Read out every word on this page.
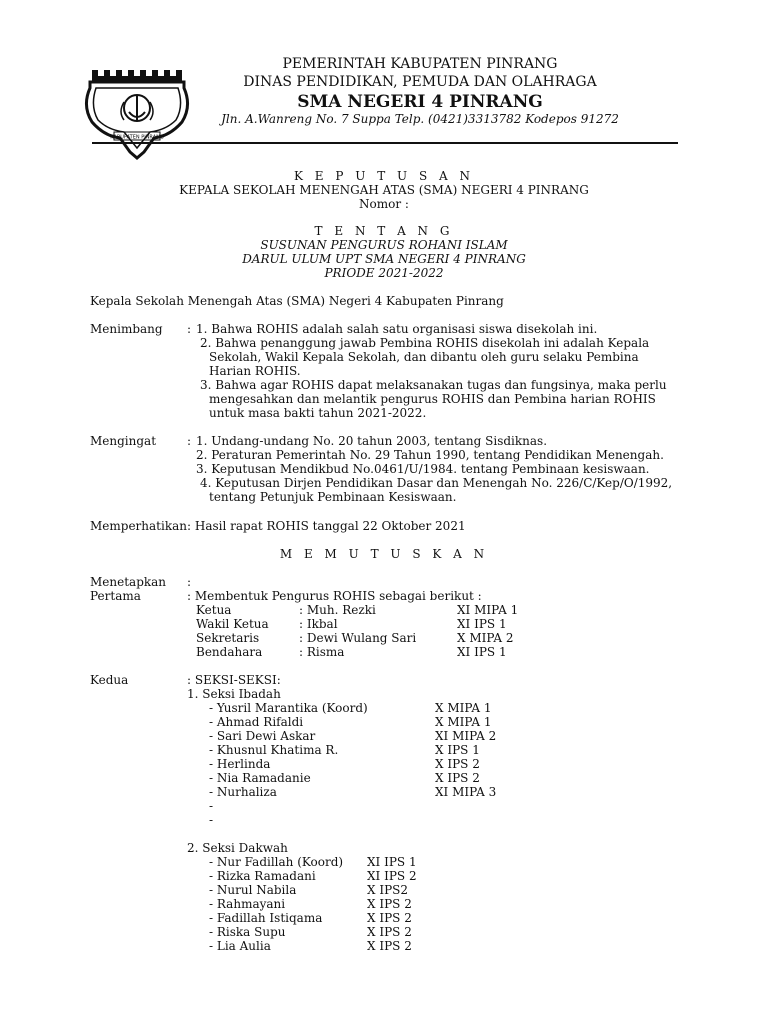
KABUPATEN PINRANG
PEMERINTAH KABUPATEN PINRANG
DINAS PENDIDIKAN, PEMUDA DAN OLAHRAGA
SMA NEGERI 4 PINRANG
Jln. A.Wanreng No. 7 Suppa Telp. (0421)3313782 Kodepos 91272
K E P U T U S A N
KEPALA SEKOLAH MENENGAH ATAS (SMA) NEGERI 4 PINRANG
Nomor :
T E N T A N G
SUSUNAN PENGURUS ROHANI ISLAM
DARUL ULUM UPT SMA NEGERI 4 PINRANG
PRIODE 2021-2022
Kepala Sekolah Menengah Atas (SMA) Negeri 4 Kabupaten Pinrang
Menimbang : 1. Bahwa ROHIS adalah salah satu organisasi siswa disekolah ini.
2. Bahwa penanggung jawab Pembina ROHIS disekolah ini adalah Kepala
Sekolah, Wakil Kepala Sekolah, dan dibantu oleh guru selaku Pembina
Harian ROHIS.
3. Bahwa agar ROHIS dapat melaksanakan tugas dan fungsinya, maka perlu
mengesahkan dan melantik pengurus ROHIS dan Pembina harian ROHIS
untuk masa bakti tahun 2021-2022.
Mengingat	: 1. Undang-undang No. 20 tahun 2003, tentang Sisdiknas.
2. Peraturan Pemerintah No. 29 Tahun 1990, tentang Pendidikan Menengah.
3. Keputusan Mendikbud No.0461/U/1984. tentang Pembinaan kesiswaan.
4. Keputusan Dirjen Pendidikan Dasar dan Menengah No. 226/C/Kep/O/1992,
tentang Petunjuk Pembinaan Kesiswaan.
Memperhatikan : Hasil rapat ROHIS tanggal 22 Oktober 2021
M E M U T U S K A N
Menetapkan :
Pertama	: Membentuk Pengurus ROHIS sebagai berikut :
Ketua	: Muh. Rezki	XI MIPA 1
Wakil Ketua	: Ikbal	XI IPS 1
Sekretaris	: Dewi Wulang Sari	X MIPA 2
Bendahara	: Risma	XI IPS 1
Kedua	: SEKSI-SEKSI:
1. Seksi Ibadah
- Yusril Marantika (Koord)	X MIPA 1
- Ahmad Rifaldi	X MIPA 1
- Sari Dewi Askar	XI MIPA 2
- Khusnul Khatima R.	X IPS 1
- Herlinda	X IPS 2
- Nia Ramadanie	X IPS 2
- Nurhaliza	XI MIPA 3
-
-
2. Seksi Dakwah
- Nur Fadillah (Koord) XI IPS 1
- Rizka Ramadani	XI IPS 2
- Nurul Nabila	X IPS2
- Rahmayani	X IPS 2
- Fadillah Istiqama	X IPS 2
- Riska Supu	X IPS 2
- Lia Aulia	X IPS 2
